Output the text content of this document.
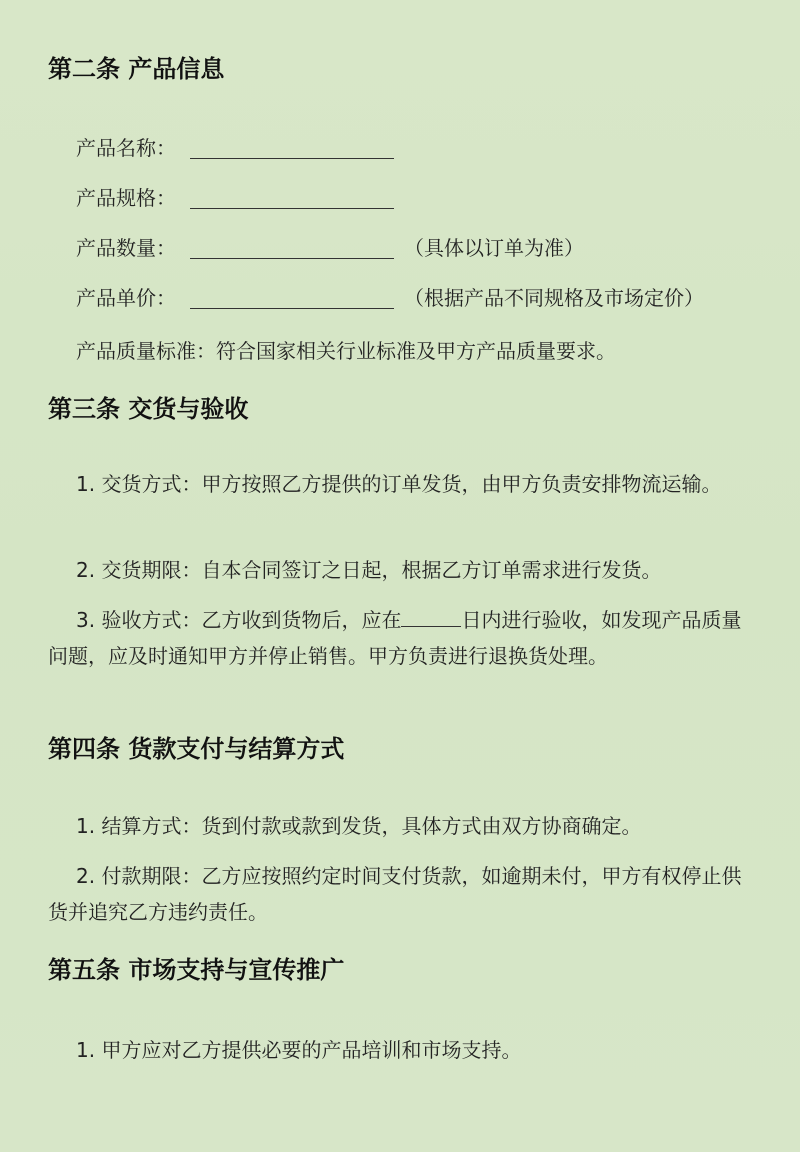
第二条 产品信息
产品名称：
产品规格：
产品数量：	（具体以订单为准）
产品单价：	（根据产品不同规格及市场定价）
产品质量标准：符合国家相关行业标准及甲方产品质量要求。
第三条 交货与验收
1. 交货方式：甲方按照乙方提供的订单发货，由甲方负责安排物流运输。
2. 交货期限：自本合同签订之日起，根据乙方订单需求进行发货。
3. 验收方式：乙方收到货物后，应在	日内进行验收，如发现产品质量问题，应及时通知甲方并停止销售。甲方负责进行退换货处理。
第四条 货款支付与结算方式
1. 结算方式：货到付款或款到发货，具体方式由双方协商确定。
2. 付款期限：乙方应按照约定时间支付货款，如逾期未付，甲方有权停止供货并追究乙方违约责任。
第五条 市场支持与宣传推广
1. 甲方应对乙方提供必要的产品培训和市场支持。
